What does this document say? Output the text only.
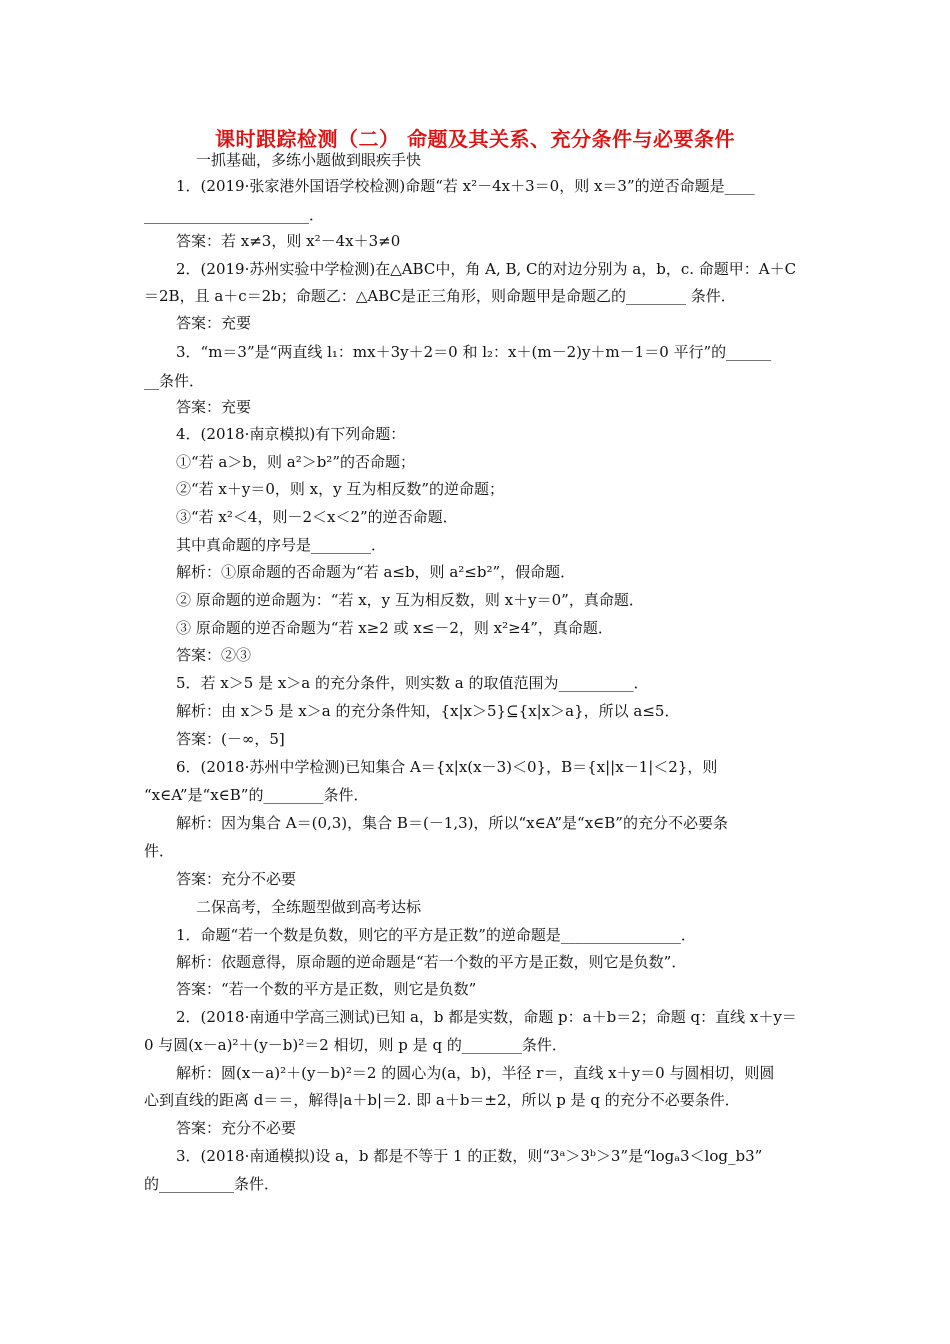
课时跟踪检测（二） 命题及其关系、充分条件与必要条件
一抓基础，多练小题做到眼疾手快
1．(2019·张家港外国语学校检测)命题“若 x²－4x＋3＝0，则 x＝3”的逆否命题是____
______________________．
答案：若 x≠3，则 x²－4x＋3≠0
2．(2019·苏州实验中学检测)在△ABC中，角 A, B, C的对边分别为 a，b，c. 命题甲：A＋C
＝2B，且 a＋c＝2b；命题乙：△ABC是正三角形，则命题甲是命题乙的________ 条件．
答案：充要
3．“m＝3”是“两直线 l₁：mx＋3y＋2＝0 和 l₂：x＋(m－2)y＋m－1＝0 平行”的______
__条件．
答案：充要
4．(2018·南京模拟)有下列命题：
①“若 a＞b，则 a²＞b²”的否命题；
②“若 x＋y＝0，则 x，y 互为相反数”的逆命题；
③“若 x²＜4，则－2＜x＜2”的逆否命题．
其中真命题的序号是________．
解析：①原命题的否命题为“若 a≤b，则 a²≤b²”，假命题．
② 原命题的逆命题为：“若 x，y 互为相反数，则 x＋y＝0”，真命题．
③ 原命题的逆否命题为“若 x≥2 或 x≤－2，则 x²≥4”，真命题．
答案：②③
5．若 x＞5 是 x＞a 的充分条件，则实数 a 的取值范围为__________．
解析：由 x＞5 是 x＞a 的充分条件知，{x|x＞5}⊆{x|x＞a}，所以 a≤5．
答案：(－∞，5]
6．(2018·苏州中学检测)已知集合 A＝{x|x(x－3)＜0}，B＝{x||x－1|＜2}，则
“x∈A”是“x∈B”的________条件．
解析：因为集合 A＝(0,3)，集合 B＝(－1,3)，所以“x∈A”是“x∈B”的充分不必要条
件．
答案：充分不必要
二保高考，全练题型做到高考达标
1．命题“若一个数是负数，则它的平方是正数”的逆命题是________________．
解析：依题意得，原命题的逆命题是“若一个数的平方是正数，则它是负数”．
答案：“若一个数的平方是正数，则它是负数”
2．(2018·南通中学高三测试)已知 a，b 都是实数，命题 p：a＋b＝2；命题 q：直线 x＋y＝
0 与圆(x－a)²＋(y－b)²＝2 相切，则 p 是 q 的________条件．
解析：圆(x－a)²＋(y－b)²＝2 的圆心为(a，b)，半径 r＝，直线 x＋y＝0 与圆相切，则圆
心到直线的距离 d＝＝，解得|a＋b|＝2. 即 a＋b＝±2，所以 p 是 q 的充分不必要条件．
答案：充分不必要
3．(2018·南通模拟)设 a，b 都是不等于 1 的正数，则“3ᵃ＞3ᵇ＞3”是“logₐ3＜log_b3”
的__________条件．
